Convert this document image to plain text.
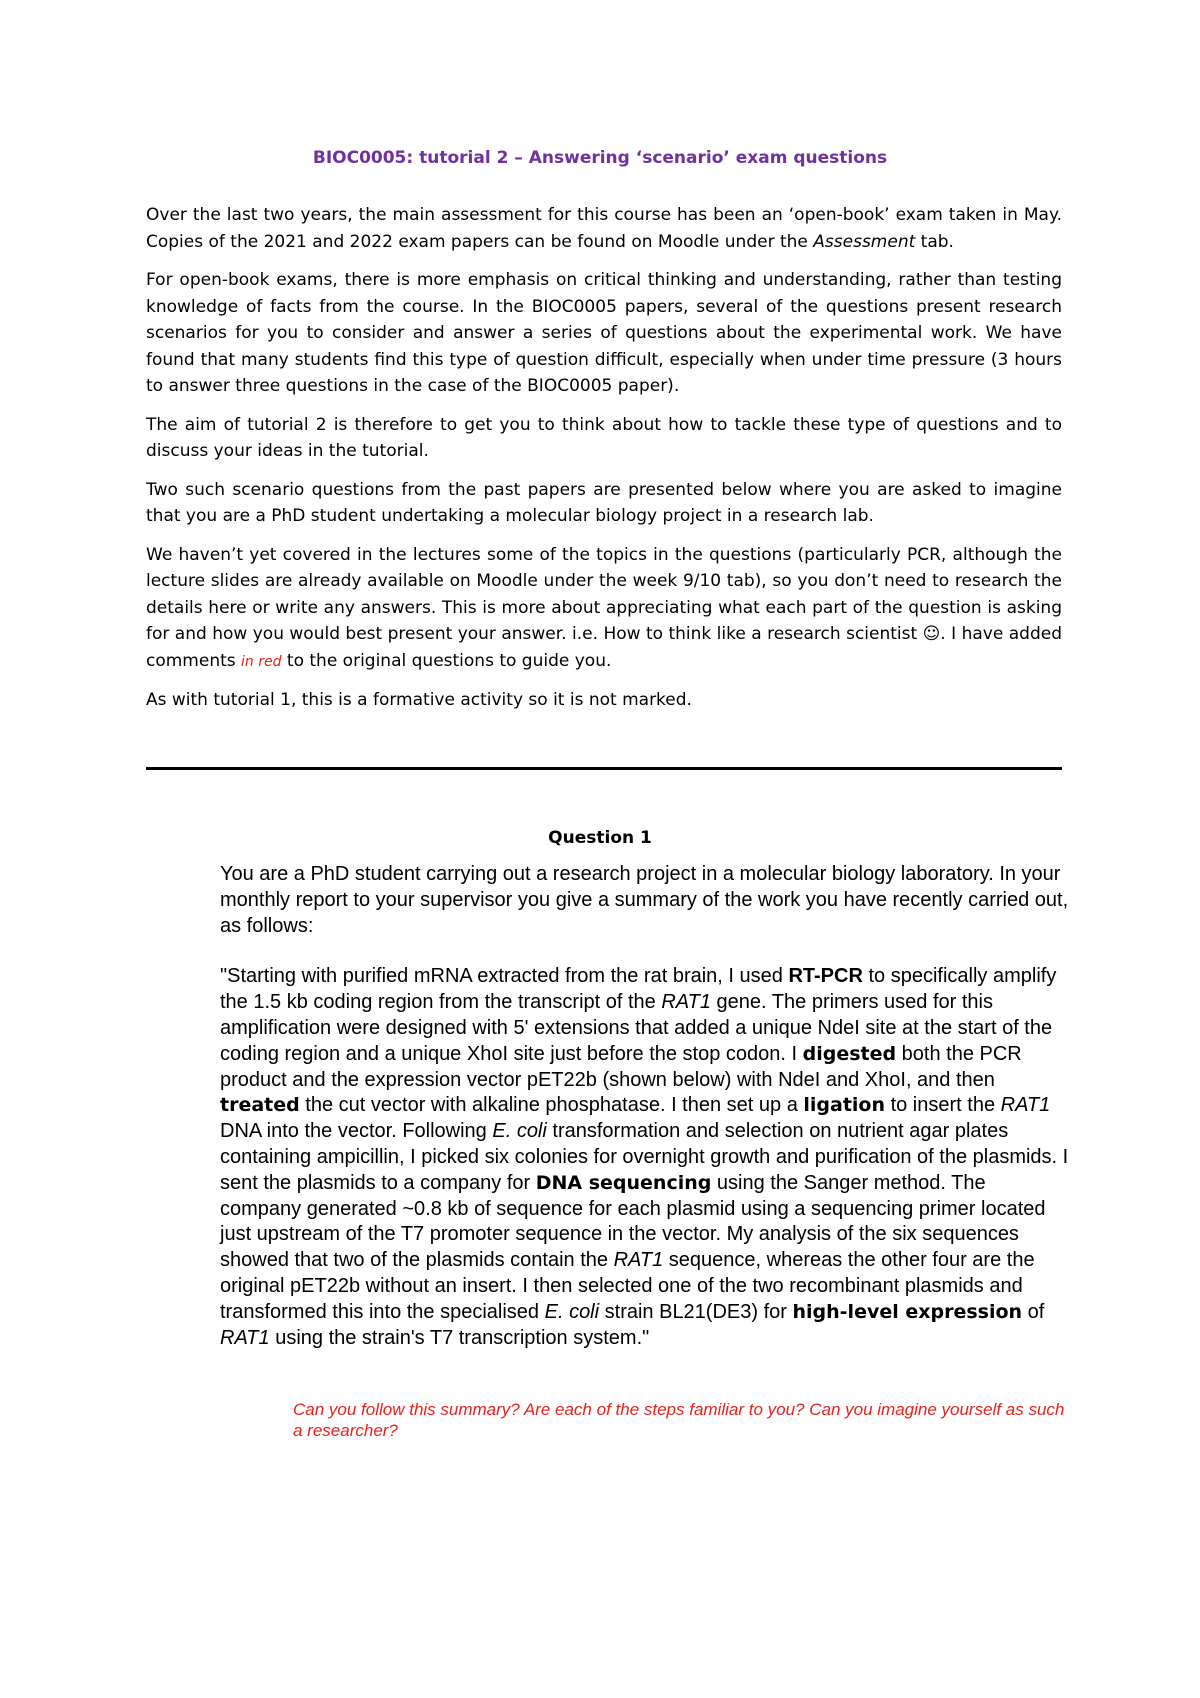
BIOC0005: tutorial 2 – Answering ‘scenario’ exam questions

Over the last two years, the main assessment for this course has been an ‘open-book’ exam taken in May. Copies of the 2021 and 2022 exam papers can be found on Moodle under the Assessment tab.

For open-book exams, there is more emphasis on critical thinking and understanding, rather than testing knowledge of facts from the course. In the BIOC0005 papers, several of the questions present research scenarios for you to consider and answer a series of questions about the experimental work. We have found that many students find this type of question difficult, especially when under time pressure (3 hours to answer three questions in the case of the BIOC0005 paper).

The aim of tutorial 2 is therefore to get you to think about how to tackle these type of questions and to discuss your ideas in the tutorial.

Two such scenario questions from the past papers are presented below where you are asked to imagine that you are a PhD student undertaking a molecular biology project in a research lab.

We haven’t yet covered in the lectures some of the topics in the questions (particularly PCR, although the lecture slides are already available on Moodle under the week 9/10 tab), so you don’t need to research the details here or write any answers. This is more about appreciating what each part of the question is asking for and how you would best present your answer. i.e. How to think like a research scientist ☺. I have added comments in red to the original questions to guide you.

As with tutorial 1, this is a formative activity so it is not marked.

Question 1

You are a PhD student carrying out a research project in a molecular biology laboratory. In your monthly report to your supervisor you give a summary of the work you have recently carried out, as follows:

"Starting with purified mRNA extracted from the rat brain, I used RT-PCR to specifically amplify the 1.5 kb coding region from the transcript of the RAT1 gene. The primers used for this amplification were designed with 5' extensions that added a unique NdeI site at the start of the coding region and a unique XhoI site just before the stop codon. I digested both the PCR product and the expression vector pET22b (shown below) with NdeI and XhoI, and then treated the cut vector with alkaline phosphatase. I then set up a ligation to insert the RAT1 DNA into the vector. Following E. coli transformation and selection on nutrient agar plates containing ampicillin, I picked six colonies for overnight growth and purification of the plasmids. I sent the plasmids to a company for DNA sequencing using the Sanger method. The company generated ~0.8 kb of sequence for each plasmid using a sequencing primer located just upstream of the T7 promoter sequence in the vector. My analysis of the six sequences showed that two of the plasmids contain the RAT1 sequence, whereas the other four are the original pET22b without an insert. I then selected one of the two recombinant plasmids and transformed this into the specialised E. coli strain BL21(DE3) for high-level expression of RAT1 using the strain's T7 transcription system."

Can you follow this summary? Are each of the steps familiar to you? Can you imagine yourself as such a researcher?
